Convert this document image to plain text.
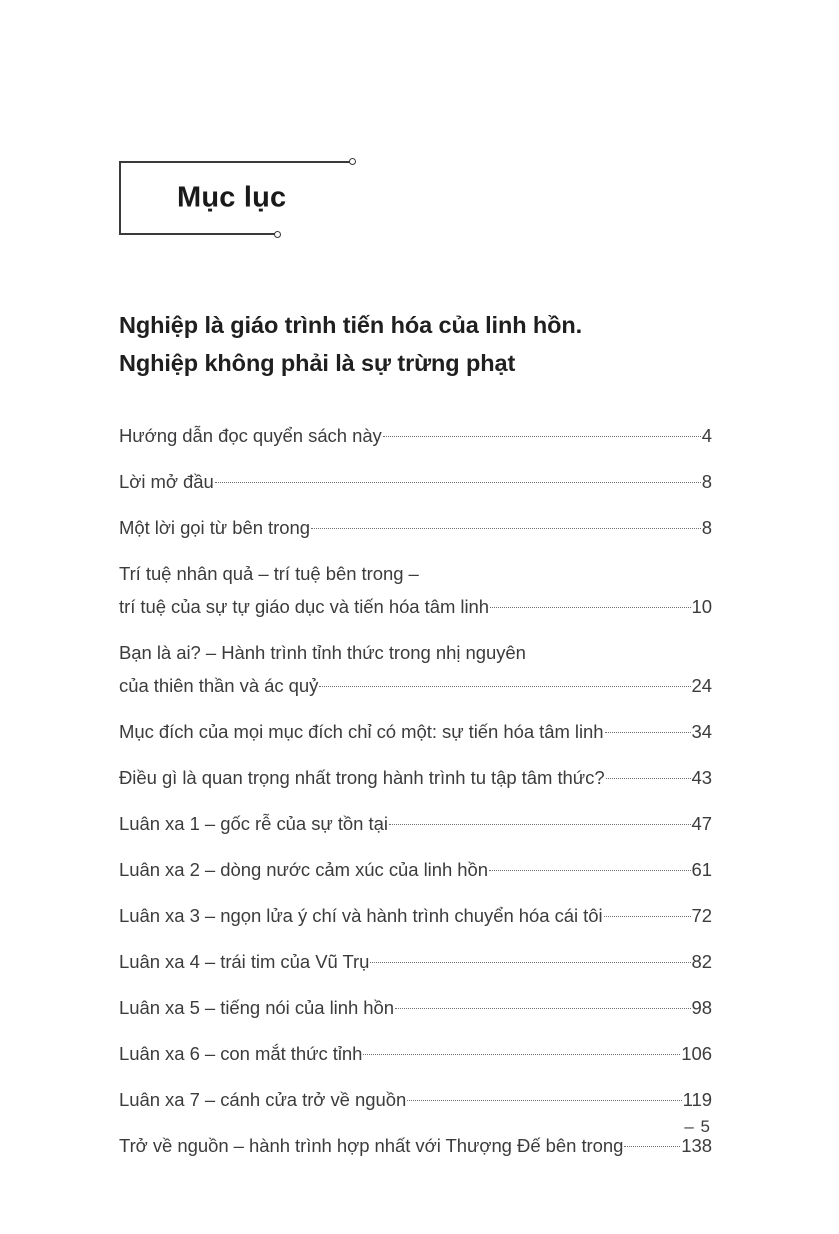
Mục lục
Nghiệp là giáo trình tiến hóa của linh hồn.
Nghiệp không phải là sự trừng phạt
Hướng dẫn đọc quyển sách này	4
Lời mở đầu	8
Một lời gọi từ bên trong	8
Trí tuệ nhân quả – trí tuệ bên trong –
trí tuệ của sự tự giáo dục và tiến hóa tâm linh	10
Bạn là ai? – Hành trình tỉnh thức trong nhị nguyên
của thiên thần và ác quỷ	24
Mục đích của mọi mục đích chỉ có một: sự tiến hóa tâm linh	34
Điều gì là quan trọng nhất trong hành trình tu tập tâm thức?	43
Luân xa 1 – gốc rễ của sự tồn tại	47
Luân xa 2 – dòng nước cảm xúc của linh hồn	61
Luân xa 3 – ngọn lửa ý chí và hành trình chuyển hóa cái tôi	72
Luân xa 4 – trái tim của Vũ Trụ	82
Luân xa 5 – tiếng nói của linh hồn	98
Luân xa 6 – con mắt thức tỉnh	106
Luân xa 7 – cánh cửa trở về nguồn	119
Trở về nguồn – hành trình hợp nhất với Thượng Đế bên trong	138
– 5
